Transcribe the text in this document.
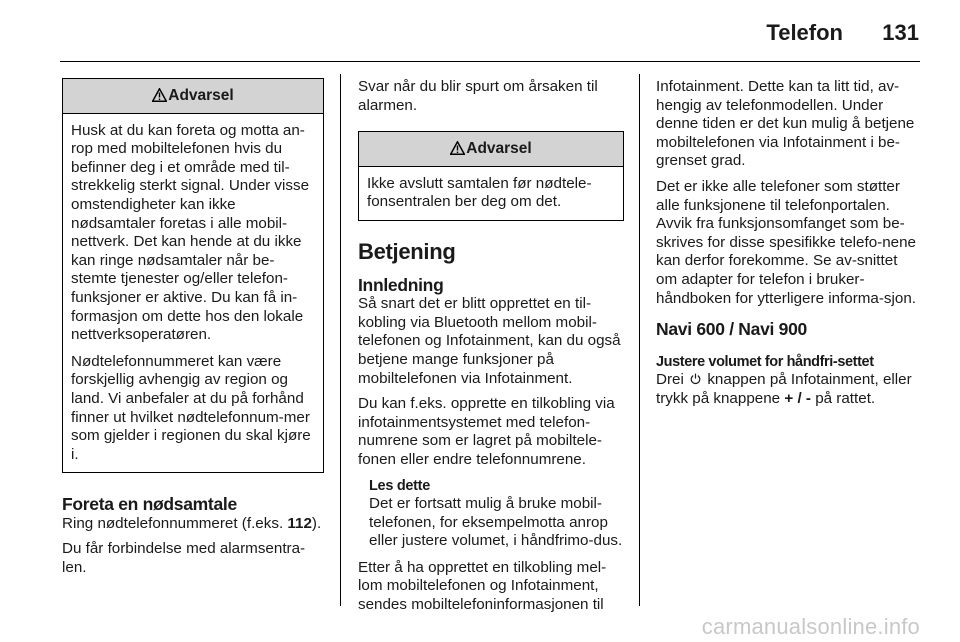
Telefon 131
Advarsel

Husk at du kan foreta og motta an-rop med mobiltelefonen hvis du befinner deg i et område med til-strekkelig sterkt signal. Under visse omstendigheter kan ikke nødsamtaler foretas i alle mobil-nettverk. Det kan hende at du ikke kan ringe nødsamtaler når be-stemte tjenester og/eller telefon-funksjoner er aktive. Du kan få in-formasjon om dette hos den lokale nettverksoperatøren.

Nødtelefonnummeret kan være forskjellig avhengig av region og land. Vi anbefaler at du på forhånd finner ut hvilket nødtelefonnum-mer som gjelder i regionen du skal kjøre i.

Foreta en nødsamtale

Ring nødtelefonnummeret (f.eks. 112).

Du får forbindelse med alarmsentra-len.

Svar når du blir spurt om årsaken til alarmen.

Advarsel

Ikke avslutt samtalen før nødtele-fonsentralen ber deg om det.

Betjening
Innledning

Så snart det er blitt opprettet en til-kobling via Bluetooth mellom mobil-telefonen og Infotainment, kan du også betjene mange funksjoner på mobiltelefonen via Infotainment.

Du kan f.eks. opprette en tilkobling via infotainmentsystemet med telefon-numrene som er lagret på mobiltele-fonen eller endre telefonnumrene.

Les dette
Det er fortsatt mulig å bruke mobil-telefonen, for eksempelmotta anrop eller justere volumet, i håndfrimo-dus.

Etter å ha opprettet en tilkobling mel-lom mobiltelefonen og Infotainment, sendes mobiltelefoninformasjonen til

Infotainment. Dette kan ta litt tid, av-hengig av telefonmodellen. Under denne tiden er det kun mulig å betjene mobiltelefonen via Infotainment i be-grenset grad.

Det er ikke alle telefoner som støtter alle funksjonene til telefonportalen. Avvik fra funksjonsomfanget som be-skrives for disse spesifikke telefo-nene kan derfor forekomme. Se av-snittet om adapter for telefon i bruker-håndboken for ytterligere informa-sjon.

Navi 600 / Navi 900
Justere volumet for håndfri-settet

Drei knappen på Infotainment, eller trykk på knappene + / - på rattet.

carmanualsonline.info
